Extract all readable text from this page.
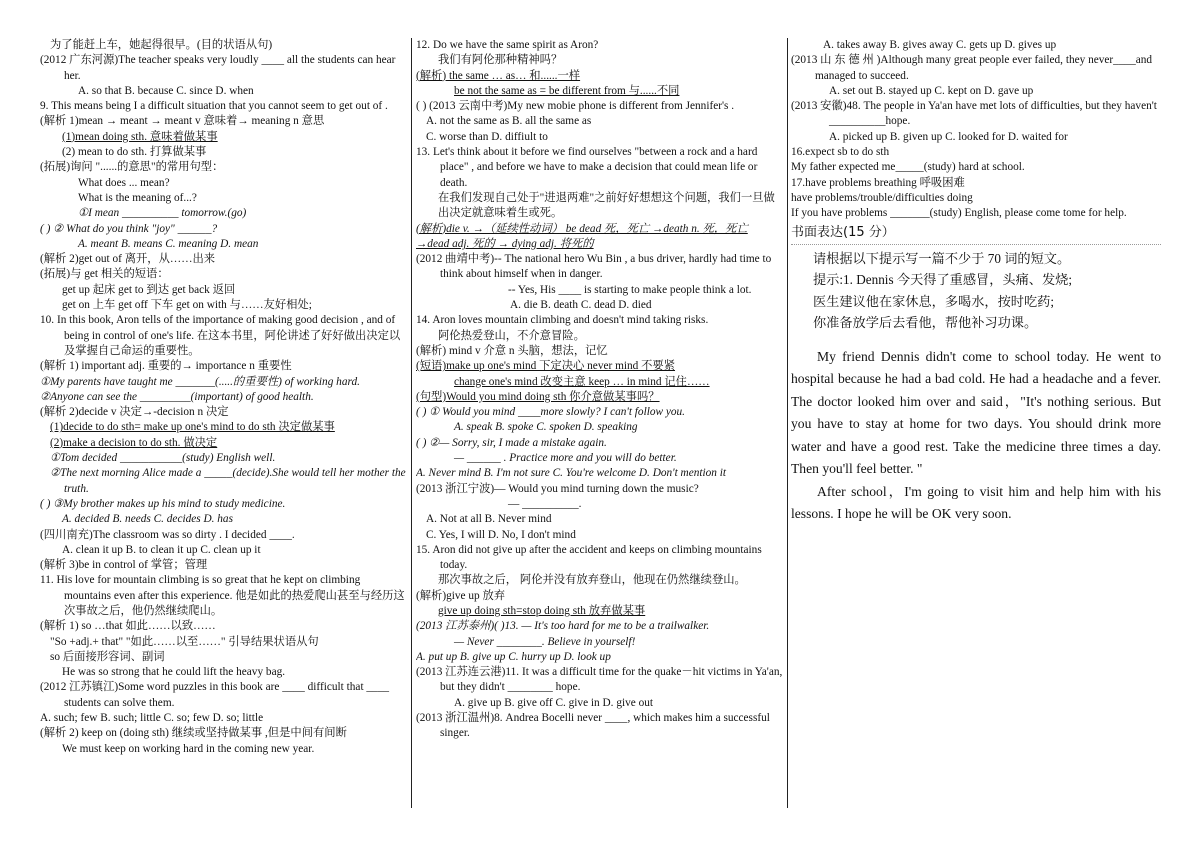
为了能赶上车，她起得很早。(目的状语从句)
(2012 广东河源)The teacher speaks very loudly ____ all the students can hear her.
A. so that B. because C. since D. when
9. This means being I a difficult situation that you cannot seem to get out of .
(解析 1)mean → meant → meant v 意味着→ meaning n 意思
(1)mean doing sth. 意味着做某事
(2) mean to do sth. 打算做某事
(拓展)询问 "......的意思"的常用句型：
What does ... mean?
What is the meaning of...?
①I mean __________ tomorrow.(go)
( ) ② What do you think "joy" ______?
A. meant B. means C. meaning D. mean
(解析 2)get out of 离开，从……出来
(拓展)与 get 相关的短语：
get up 起床 get to 到达 get back 返回
get on 上车 get off 下车 get on with 与……友好相处;
10. In this book, Aron tells of the importance of making good decision , and of being in control of one's life. 在这本书里，阿伦讲述了好好做出决定以及掌握自己命运的重要性。
(解析 1) important adj. 重要的→ importance n 重要性
①My parents have taught me _______(.....的重要性) of working hard.
②Anyone can see the _________(important) of good health.
(解析 2)decide v 决定→-decision n 决定
(1)decide to do sth= make up one's mind to do sth 决定做某事
(2)make a decision to do sth. 做决定
①Tom decided ___________(study) English well.
②The next morning Alice made a _____(decide).She would tell her mother the truth.
( ) ③My brother makes up his mind to study medicine.
A. decided B. needs C. decides D. has
(四川南充)The classroom was so dirty . I decided ____.
A. clean it up B. to clean it up C. clean up it
(解析 3)be in control of 掌管；管理
11. His love for mountain climbing is so great that he kept on climbing mountains even after this experience. 他是如此的热爱爬山甚至与经历这次事故之后，他仍然继续爬山。
(解析 1) so …that 如此……以致……
"So +adj.+ that" "如此……以至……" 引导结果状语从句
so 后面接形容词、副词
He was so strong that he could lift the heavy bag.
(2012 江苏镇江)Some word puzzles in this book are ____ difficult that ____ students can solve them.
A. such; few B. such; little C. so; few D. so; little
(解析 2) keep on (doing sth) 继续或坚持做某事 ,但是中间有间断
We must keep on working hard in the coming new year.
12. Do we have the same spirit as Aron?
我们有阿伦那种精神吗？
(解析) the same … as… 和......一样
be not the same as = be different from 与......不同
( ) (2013 云南中考)My new mobie phone is different from Jennifer's .
A. not the same as B. all the same as
C. worse than D. diffiult to
13. Let's think about it before we find ourselves "between a rock and a hard place" , and before we have to make a decision that could mean life or death.
在我们发现自己处于"进退两难"之前好好想想这个问题，我们一旦做出决定就意味着生或死。
(解析)die v. →（延续性动词） be dead 死，死亡 →death n. 死，死亡
→dead adj. 死的 → dying adj. 将死的
(2012 曲靖中考)-- The national hero Wu Bin , a bus driver, hardly had time to think about himself when in danger.
-- Yes, His ____ is starting to make people think a lot.
A. die B. death C. dead D. died
14. Aron loves mountain climbing and doesn't mind taking risks.
阿伦热爱登山，不介意冒险。
(解析) mind v 介意 n 头脑，想法，记忆
(短语)make up one's mind 下定决心 never mind 不要紧
change one's mind 改变主意 keep … in mind 记住……
(句型)Would you mind doing sth 你介意做某事吗？
( ) ① Would you mind ____more slowly? I can't follow you.
A. speak B. spoke C. spoken D. speaking
( ) ②— Sorry, sir, I made a mistake again.
— ______ . Practice more and you will do better.
A. Never mind B. I'm not sure C. You're welcome D. Don't mention it
(2013 浙江宁波)— Would you mind turning down the music?
— __________.
A. Not at all B. Never mind
C. Yes, I will D. No, I don't mind
15. Aron did not give up after the accident and keeps on climbing mountains today.
那次事故之后， 阿伦并没有放弃登山，他现在仍然继续登山。
(解析)give up 放弃
give up doing sth=stop doing sth 放弃做某事
(2013 江苏泰州)( )13. — It's too hard for me to be a trailwalker.
— Never ________. Believe in yourself!
A. put up B. give up C. hurry up D. look up
(2013 江苏连云港)11. It was a difficult time for the quake－hit victims in Ya'an, but they didn't ________ hope.
A. give up B. give off C. give in D. give out
(2013 浙江温州)8. Andrea Bocelli never ____, which makes him a successful singer.
A. takes away B. gives away C. gets up D. gives up
(2013 山 东 德 州 )Although many great people ever failed, they never____and managed to succeed.
A. set out B. stayed up C. kept on D. gave up
(2013 安徽)48. The people in Ya'an have met lots of difficulties, but they haven't __________hope.
A. picked up B. given up C. looked for D. waited for
16.expect sb to do sth
My father expected me_____(study) hard at school.
17.have problems breathing 呼吸困难
have problems/trouble/difficulties doing
If you have problems _______(study) English, please come tome for help.
书面表达(15 分）
请根据以下提示写一篇不少于 70 词的短文。
提示:1. Dennis 今天得了重感冒，头痛、发烧;
医生建议他在家休息，多喝水，按时吃药;
你准备放学后去看他，帮他补习功课。
My friend Dennis didn't come to school today. He went to hospital because he had a bad cold. He had a headache and a fever. The doctor looked him over and said，"It's nothing serious. But you have to stay at home for two days. You should drink more water and have a good rest. Take the medicine three times a day. Then you'll feel better. "
After school，I'm going to visit him and help him with his lessons. I hope he will be OK very soon.
